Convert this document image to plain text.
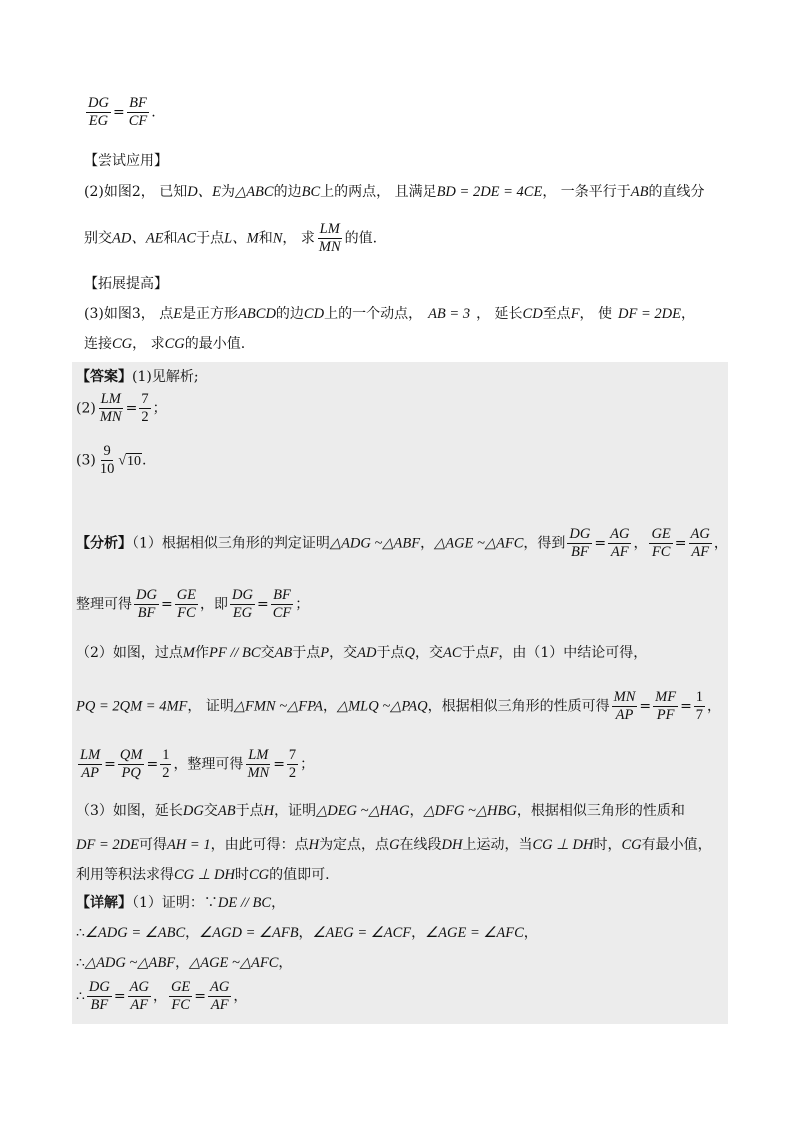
$\frac{DG}{EG} = \frac{BF}{CF}$ .
【尝试应用】
(2)如图2， 已知D、E为△ABC的边BC上的两点， 且满足BD = 2DE = 4CE， 一条平行于AB的直线分
别交AD、AE和AC于点L、M和N， 求 $\frac{LM}{MN}$ 的值.
【拓展提高】
(3)如图3， 点E是正方形ABCD的边CD上的一个动点， AB = 3 ， 延长CD至点F， 使 DF = 2DE，
连接CG， 求CG的最小值.
【答案】(1)见解析;
$(2) \frac{LM}{MN} = \frac{7}{2}$ ；
$(3) \frac{9}{10} √10$.
【分析】（1）根据相似三角形的判定证明△ADG ~△ABF，△AGE ~△AFC，得到 $\frac{DG}{BF} = \frac{AG}{AF}$ ， $\frac{GE}{FC} = \frac{AG}{AF}$ ，
整理可得 $\frac{DG}{BF} = \frac{GE}{FC}$ ，即 $\frac{DG}{EG} = \frac{BF}{CF}$ ；
（2）如图，过点M作PF // BC交AB于点P，交AD于点Q，交AC于点F，由（1）中结论可得，
PQ = 2QM = 4MF， 证明△FMN ~△FPA，△MLQ ~△PAQ，根据相似三角形的性质可得 $\frac{MN}{AP} = \frac{MF}{PF} = \frac{1}{7}$ ，
$\frac{LM}{AP} = \frac{QM}{PQ} = \frac{1}{2}$ ，整理可得 $\frac{LM}{MN} = \frac{7}{2}$ ；
（3）如图，延长DG交AB于点H，证明△DEG ~△HAG，△DFG ~△HBG，根据相似三角形的性质和
DF = 2DE可得AH = 1，由此可得：点H为定点，点G在线段DH上运动，当CG ⊥ DH时，CG有最小值，
利用等积法求得CG ⊥ DH时CG的值即可.
【详解】（1）证明：∵DE // BC，
∴∠ADG = ∠ABC，∠AGD = ∠AFB，∠AEG = ∠ACF，∠AGE = ∠AFC，
∴△ADG ~△ABF，△AGE ~△AFC，
∴ $\frac{DG}{BF} = \frac{AG}{AF}$ ， $\frac{GE}{FC} = \frac{AG}{AF}$ ，
